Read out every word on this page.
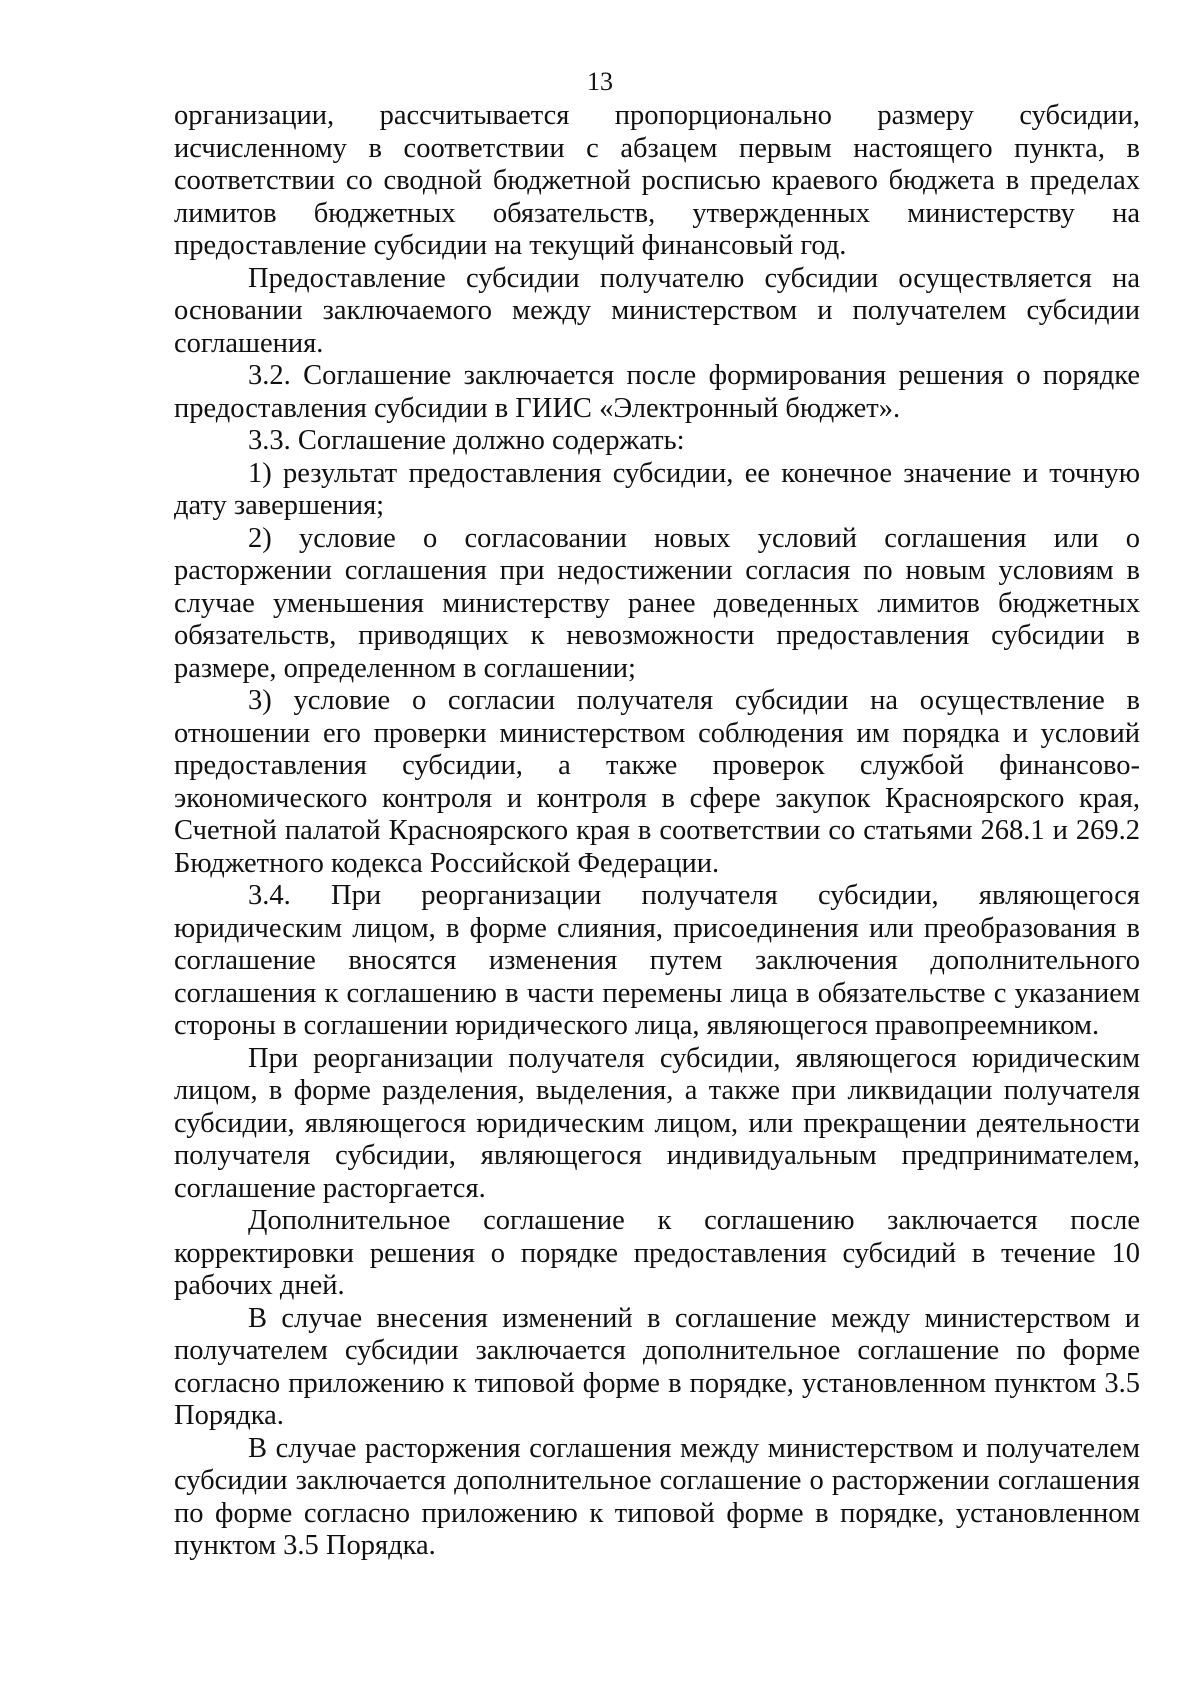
13

организации, рассчитывается пропорционально размеру субсидии, исчисленному в соответствии с абзацем первым настоящего пункта, в соответствии со сводной бюджетной росписью краевого бюджета в пределах лимитов бюджетных обязательств, утвержденных министерству на предоставление субсидии на текущий финансовый год.

Предоставление субсидии получателю субсидии осуществляется на основании заключаемого между министерством и получателем субсидии соглашения.

3.2. Соглашение заключается после формирования решения о порядке предоставления субсидии в ГИИС «Электронный бюджет».

3.3. Соглашение должно содержать:

1) результат предоставления субсидии, ее конечное значение и точную дату завершения;

2) условие о согласовании новых условий соглашения или о расторжении соглашения при недостижении согласия по новым условиям в случае уменьшения министерству ранее доведенных лимитов бюджетных обязательств, приводящих к невозможности предоставления субсидии в размере, определенном в соглашении;

3) условие о согласии получателя субсидии на осуществление в отношении его проверки министерством соблюдения им порядка и условий предоставления субсидии, а также проверок службой финансово-экономического контроля и контроля в сфере закупок Красноярского края, Счетной палатой Красноярского края в соответствии со статьями 268.1 и 269.2 Бюджетного кодекса Российской Федерации.

3.4. При реорганизации получателя субсидии, являющегося юридическим лицом, в форме слияния, присоединения или преобразования в соглашение вносятся изменения путем заключения дополнительного соглашения к соглашению в части перемены лица в обязательстве с указанием стороны в соглашении юридического лица, являющегося правопреемником.

При реорганизации получателя субсидии, являющегося юридическим лицом, в форме разделения, выделения, а также при ликвидации получателя субсидии, являющегося юридическим лицом, или прекращении деятельности получателя субсидии, являющегося индивидуальным предпринимателем, соглашение расторгается.

Дополнительное соглашение к соглашению заключается после корректировки решения о порядке предоставления субсидий в течение 10 рабочих дней.

В случае внесения изменений в соглашение между министерством и получателем субсидии заключается дополнительное соглашение по форме согласно приложению к типовой форме в порядке, установленном пунктом 3.5 Порядка.

В случае расторжения соглашения между министерством и получателем субсидии заключается дополнительное соглашение о расторжении соглашения по форме согласно приложению к типовой форме в порядке, установленном пунктом 3.5 Порядка.
